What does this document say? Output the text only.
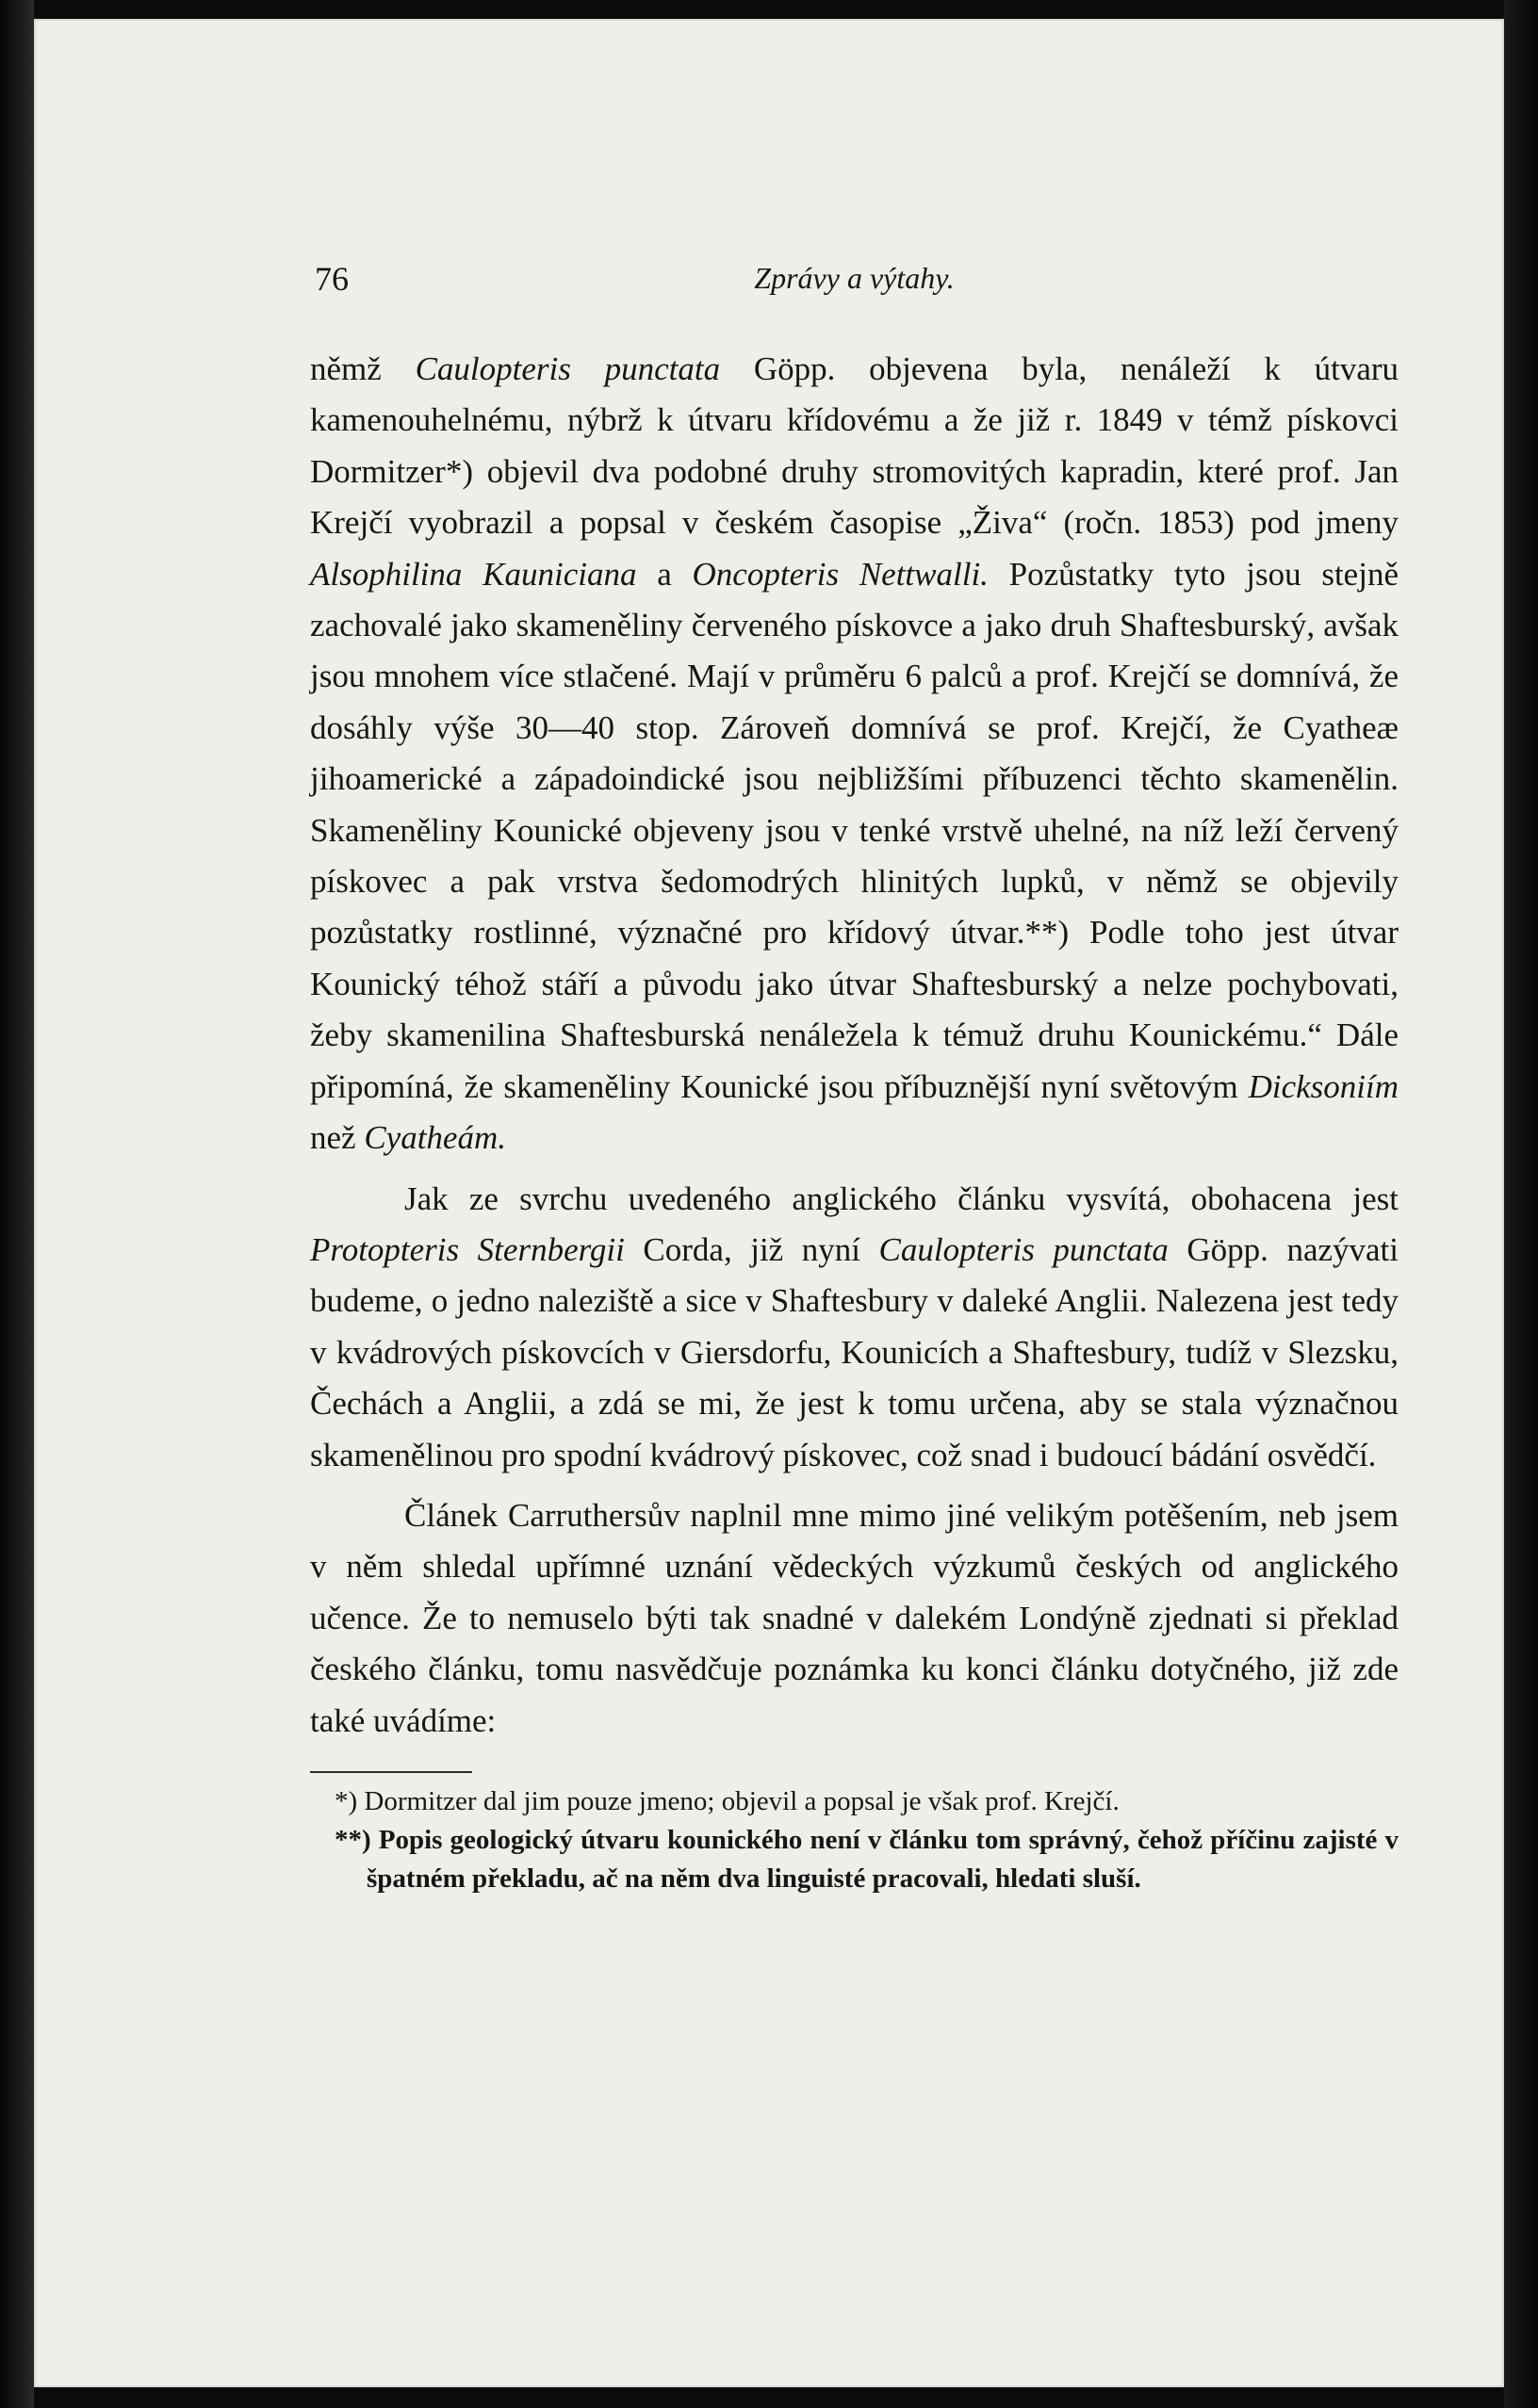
76	Zprávy a výtahy.

němž Caulopteris punctata Göpp. objevena byla, nenáleží k útvaru kamenouhelnému, nýbrž k útvaru křídovému a že již r. 1849 v témž pískovci Dormitzer*) objevil dva podobné druhy stromovitých kapradin, které prof. Jan Krejčí vyobrazil a popsal v českém časopise „Živa“ (ročn. 1853) pod jmeny Alsophilina Kauniciana a Oncopteris Nettwalli. Pozůstatky tyto jsou stejně zachovalé jako skameněliny červeného pískovce a jako druh Shaftesburský, avšak jsou mnohem více stlačené. Mají v průměru 6 palců a prof. Krejčí se domnívá, že dosáhly výše 30—40 stop. Zároveň domnívá se prof. Krejčí, že Cyatheæ jihoamerické a západoindické jsou nejbližšími příbuzenci těchto skamenělin. Skameněliny Kounické objeveny jsou v tenké vrstvě uhelné, na níž leží červený pískovec a pak vrstva šedomodrých hlinitých lupků, v němž se objevily pozůstatky rostlinné, význačné pro křídový útvar.**) Podle toho jest útvar Kounický téhož stáří a původu jako útvar Shaftesburský a nelze pochybovati, žeby skamenilina Shaftesburská nenáležela k témuž druhu Kounickému.“ Dále připomíná, že skameněliny Kounické jsou příbuznější nyní světovým Dicksoniím než Cyatheám.

Jak ze svrchu uvedeného anglického článku vysvítá, obohacena jest Protopteris Sternbergii Corda, již nyní Caulopteris punctata Göpp. nazývati budeme, o jedno naleziště a sice v Shaftesbury v daleké Anglii. Nalezena jest tedy v kvádrových pískovcích v Giersdorfu, Kounicích a Shaftesbury, tudíž v Slezsku, Čechách a Anglii, a zdá se mi, že jest k tomu určena, aby se stala význačnou skamenělinou pro spodní kvádrový pískovec, což snad i budoucí bádání osvědčí.

Článek Carruthersův naplnil mne mimo jiné velikým potěšením, neb jsem v něm shledal upřímné uznání vědeckých výzkumů českých od anglického učence. Že to nemuselo býti tak snadné v dalekém Londýně zjednati si překlad českého článku, tomu nasvědčuje poznámka ku konci článku dotyčného, již zde také uvádíme:

*) Dormitzer dal jim pouze jmeno; objevil a popsal je však prof. Krejčí.

**) Popis geologický útvaru kounického není v článku tom správný, čehož příčinu zajisté v špatném překladu, ač na něm dva linguisté pracovali, hledati sluší.
